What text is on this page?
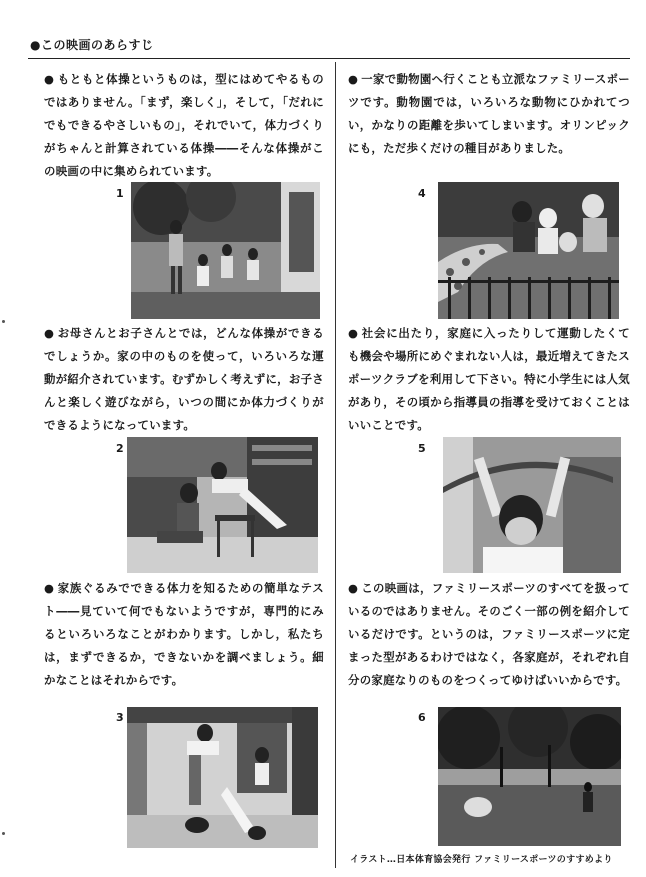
●この映画のあらすじ

● もともと体操というものは，型にはめてやるものではありません。「まず，楽しく」，そして，「だれにでもできるやさしいもの」，それでいて，体力づくりがちゃんと計算されている体操――そんな体操がこの映画の中に集められています。

1

● お母さんとお子さんとでは，どんな体操ができるでしょうか。家の中のものを使って，いろいろな運動が紹介されています。むずかしく考えずに，お子さんと楽しく遊びながら，いつの間にか体力づくりができるようになっています。

2

● 家族ぐるみでできる体力を知るための簡単なテスト――見ていて何でもないようですが，専門的にみるといろいろなことがわかります。しかし，私たちは，まずできるか，できないかを調べましょう。細かなことはそれからです。

3

● 一家で動物園へ行くことも立派なファミリースポーツです。動物園では，いろいろな動物にひかれてつい，かなりの距離を歩いてしまいます。オリンピックにも，ただ歩くだけの種目がありました。

4

● 社会に出たり，家庭に入ったりして運動したくても機会や場所にめぐまれない人は，最近増えてきたスポーツクラブを利用して下さい。特に小学生には人気があり，その頃から指導員の指導を受けておくことはいいことです。

5

● この映画は，ファミリースポーツのすべてを扱っているのではありません。そのごく一部の例を紹介しているだけです。というのは，ファミリースポーツに定まった型があるわけではなく，各家庭が，それぞれ自分の家庭なりのものをつくってゆけばいいからです。

6
イラスト…日本体育協会発行 ファミリースポーツのすすめより
